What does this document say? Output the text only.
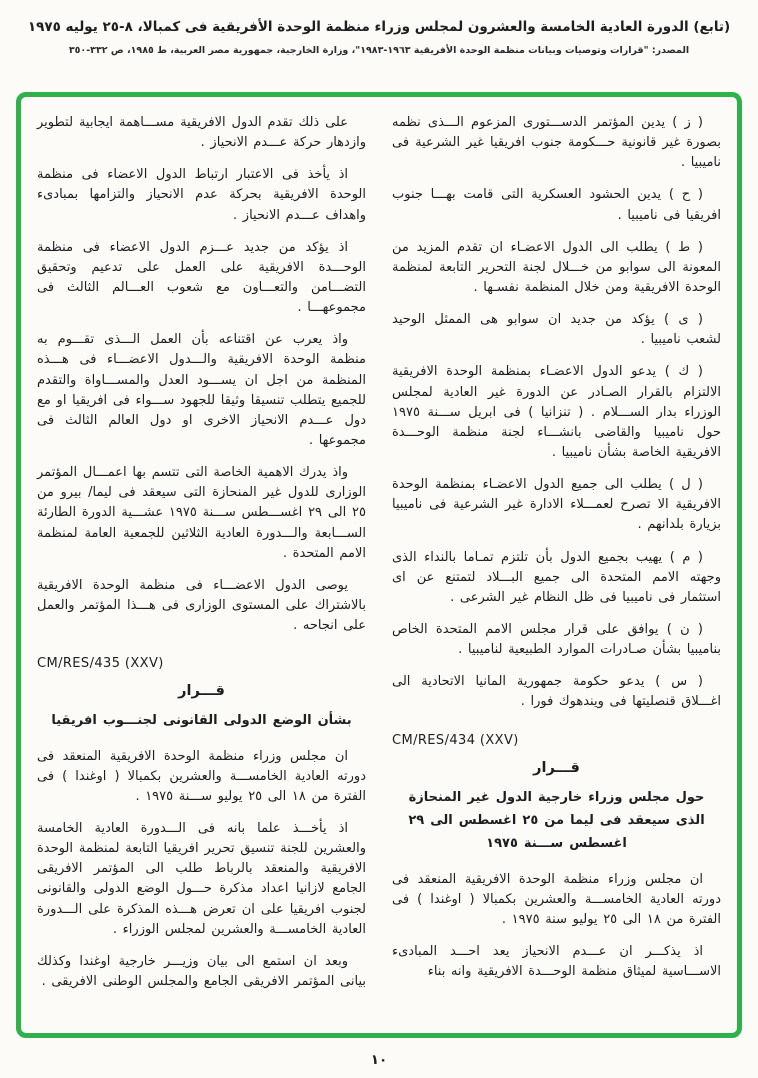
(تابع) الدورة العادية الخامسة والعشرون لمجلس وزراء منظمة الوحدة الأفريقية فى كمبالا، ٨-٢٥ يوليه ١٩٧٥
المصدر: "قرارات وتوصيات وبيانات منظمة الوحدة الأفريقية ١٩٦٣-١٩٨٣"، وزارة الخارجية، جمهورية مصر العربية، ط ١٩٨٥، ص ٣٣٢-٣٥٠

( ز ) يدين المؤتمر الدســـتورى المزعوم الـــذى نظمه بصورة غير قانونية حـــكومة جنوب افريقيا غير الشرعية فى ناميبيا .

( ح ) يدين الحشود العسكرية التى قامت بهـــا جنوب افريقيا فى ناميبيا .

( ط ) يطلب الى الدول الاعضـاء ان تقدم المزيد من المعونة الى سوابو من خـــلال لجنة التحرير التابعة لمنظمة الوحدة الافريقية ومن خلال المنظمة نفسـها .

( ى ) يؤكد من جديد ان سوابو هى الممثل الوحيد لشعب ناميبيا .

( ك ) يدعو الدول الاعضـاء بمنظمة الوحدة الافريقية الالتزام بالقرار الصـادر عن الدورة غير العادية لمجلس الوزراء بدار الســـلام . ( تنزانيا ) فى ابريل ســـنة ١٩٧٥ حول ناميبيا والقاضى بانشـــاء لجنة منظمة الوحـــدة الافريقية الخاصة بشأن ناميبيا .

( ل ) يطلب الى جميع الدول الاعضـاء بمنظمة الوحدة الافريقية الا تصرح لعمـــلاء الادارة غير الشرعية فى ناميبيا بزيارة بلدانهم .

( م ) يهيب بجميع الدول بأن تلتزم تمـاما بالنداء الذى وجهته الامم المتحدة الى جميع البـــلاد لتمتنع عن اى استثمار فى ناميبيا فى ظل النظام غير الشرعى .

( ن ) يوافق على قرار مجلس الامم المتحدة الخاص بناميبيا بشأن صـادرات الموارد الطبيعية لناميبيا .

( س ) يدعو حكومة جمهورية المانيا الاتحادية الى اغـــلاق قنصليتها فى ويندهوك فورا .

CM/RES/434 (XXV)

قـــرار

حول مجلس وزراء خارجية الدول غير المنحازة الذى سيعقد فى ليما من ٢٥ اغسطس الى ٢٩ اغسطس ســـنة ١٩٧٥

ان مجلس وزراء منظمة الوحدة الافريقية المنعقد فى دورته العادية الخامســـة والعشرين بكمبالا ( اوغندا ) فى الفترة من ١٨ الى ٢٥ يوليو سنة ١٩٧٥ .

اذ يذكـــر ان عـــدم الانحياز يعد احـــد المبادىء الاســـاسية لميثاق منظمة الوحـــدة الافريقية وانه بناء

على ذلك تقدم الدول الافريقية مســـاهمة ايجابية لتطوير وازدهار حركة عـــدم الانحياز .

اذ يأخذ فى الاعتبار ارتباط الدول الاعضاء فى منظمة الوحدة الافريقية بحركة عدم الانحياز والتزامها بمبادىء واهداف عـــدم الانحياز .

اذ يؤكد من جديد عـــزم الدول الاعضاء فى منظمة الوحـــدة الافريقية على العمل على تدعيم وتحقيق التضـــامن والتعـــاون مع شعوب العـــالم الثالث فى مجموعهـــا .

واذ يعرب عن اقتناعه بأن العمل الـــذى تقـــوم به منظمة الوحدة الافريقية والـــدول الاعضـــاء فى هـــذه المنظمة من اجل ان يســـود العدل والمســـاواة والتقدم للجميع يتطلب تنسيقا وثيقا للجهود ســـواء فى افريقيا او مع دول عـــدم الانحياز الاخرى او دول العالم الثالث فى مجموعها .

واذ يدرك الاهمية الخاصة التى تتسم بها اعمـــال المؤتمر الوزارى للدول غير المنحازة التى سيعقد فى ليما/ بيرو من ٢٥ الى ٢٩ اغســـطس ســـنة ١٩٧٥ عشـــية الدورة الطارئة الســـابعة والـــدورة العادية الثلاثين للجمعية العامة لمنظمة الامم المتحدة .

يوصى الدول الاعضـــاء فى منظمة الوحدة الافريقية بالاشتراك على المستوى الوزارى فى هـــذا المؤتمر والعمل على انجاحه .

CM/RES/435 (XXV)

قـــرار

بشأن الوضع الدولى القانونى لجنـــوب افريقيا

ان مجلس وزراء منظمة الوحدة الافريقية المنعقد فى دورته العادية الخامســـة والعشرين بكمبالا ( اوغندا ) فى الفترة من ١٨ الى ٢٥ يوليو ســـنة ١٩٧٥ .

اذ يأخـــذ علما بانه فى الـــدورة العادية الخامسة والعشرين للجنة تنسيق تحرير افريقيا التابعة لمنظمة الوحدة الافريقية والمنعقد بالرباط طلب الى المؤتمر الافريقى الجامع لازانيا اعداد مذكرة حـــول الوضع الدولى والقانونى لجنوب افريقيا على ان تعرض هـــذه المذكرة على الـــدورة العادية الخامســـة والعشرين لمجلس الوزراء .

وبعد ان استمع الى بيان وزيـــر خارجية اوغندا وكذلك بيانى المؤتمر الافريقى الجامع والمجلس الوطنى الافريقى .

١٠
